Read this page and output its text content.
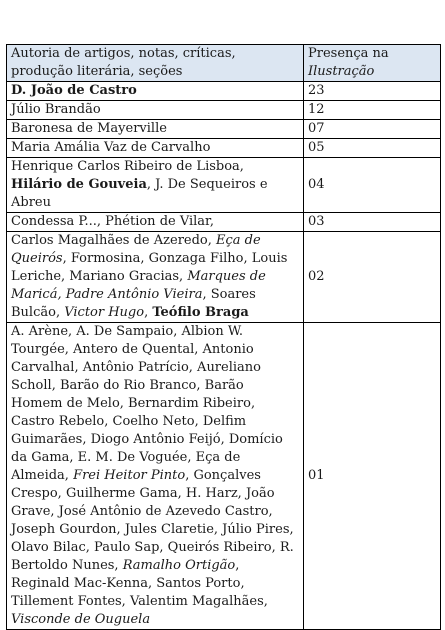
Autoria de artigos, notas, críticas, produção literária, seções	Presença na
Ilustração
D. João de Castro	23
Júlio Brandão	12
Baronesa de Mayerville	07
Maria Amália Vaz de Carvalho	05
Henrique Carlos Ribeiro de Lisboa, Hilário de Gouveia, J. De Sequeiros e Abreu	04
Condessa P..., Phétion de Vilar,	03
Carlos Magalhães de Azeredo, Eça de Queirós, Formosina, Gonzaga Filho, Louis Leriche, Mariano Gracias, Marques de Maricá, Padre Antônio Vieira, Soares Bulcão, Victor Hugo, Teófilo Braga	02
A. Arène, A. De Sampaio, Albion W. Tourgée, Antero de Quental, Antonio Carvalhal, Antônio Patrício, Aureliano Scholl, Barão do Rio Branco, Barão Homem de Melo, Bernardim Ribeiro, Castro Rebelo, Coelho Neto, Delfim Guimarães, Diogo Antônio Feijó, Domício da Gama, E. M. De Voguée, Eça de Almeida, Frei Heitor Pinto, Gonçalves Crespo, Guilherme Gama, H. Harz, João Grave, José Antônio de Azevedo Castro, Joseph Gourdon, Jules Claretie, Júlio Pires, Olavo Bilac, Paulo Sap, Queirós Ribeiro, R. Bertoldo Nunes, Ramalho Ortigão, Reginald Mac-Kenna, Santos Porto, Tillement Fontes, Valentim Magalhães, Visconde de Ouguela	01
